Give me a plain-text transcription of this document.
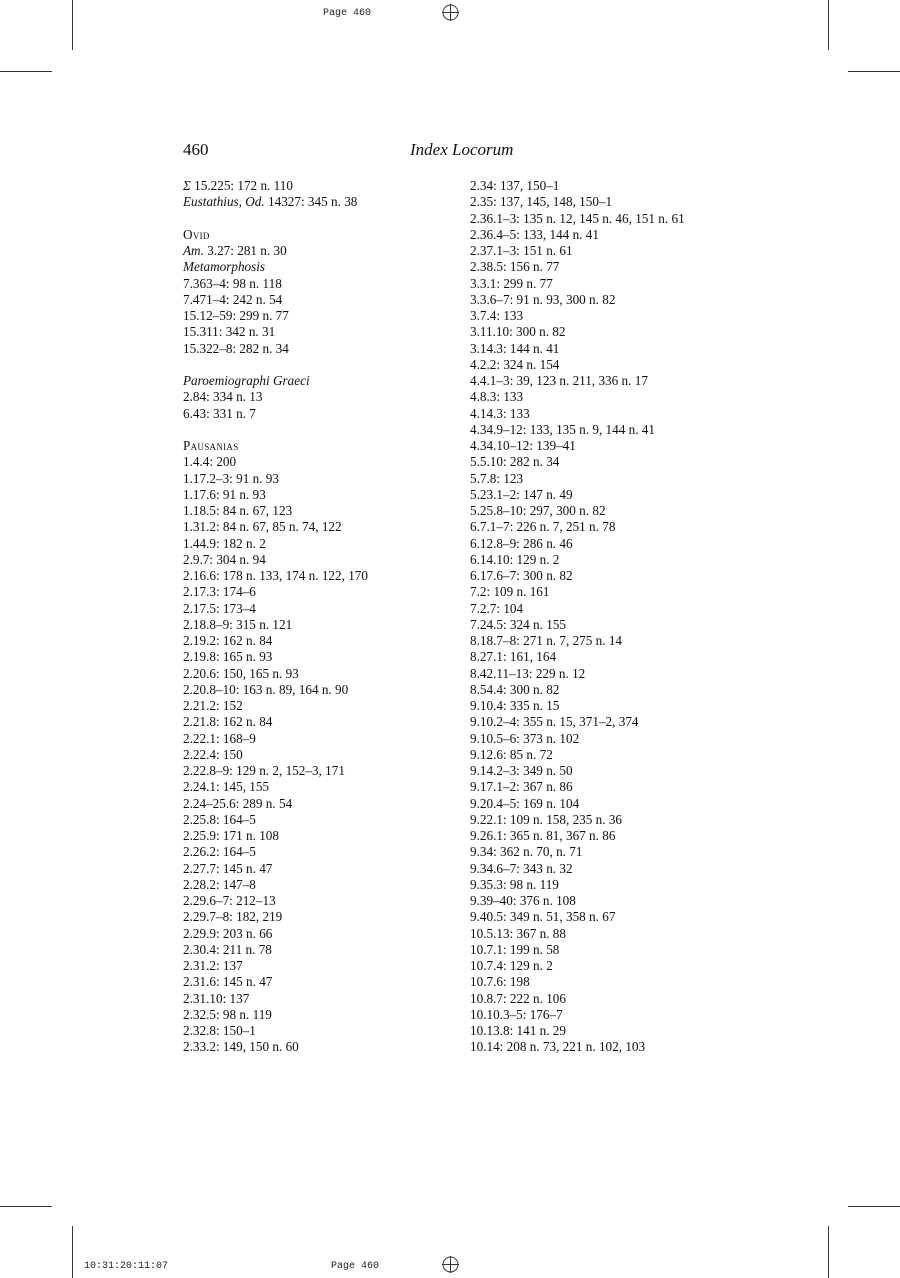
Page 460
10:31:20:11:07	Page 460
460	Index Locorum
Σ 15.225: 172 n. 110
Eustathius, Od. 14327: 345 n. 38
Ovid
Am. 3.27: 281 n. 30
Metamorphosis
7.363–4: 98 n. 118
7.471–4: 242 n. 54
15.12–59: 299 n. 77
15.311: 342 n. 31
15.322–8: 282 n. 34
Paroemiographi Graeci
2.84: 334 n. 13
6.43: 331 n. 7
Pausanias
1.4.4: 200
1.17.2–3: 91 n. 93
1.17.6: 91 n. 93
1.18.5: 84 n. 67, 123
1.31.2: 84 n. 67, 85 n. 74, 122
1.44.9: 182 n. 2
2.9.7: 304 n. 94
2.16.6: 178 n. 133, 174 n. 122, 170
2.17.3: 174–6
2.17.5: 173–4
2.18.8–9: 315 n. 121
2.19.2: 162 n. 84
2.19.8: 165 n. 93
2.20.6: 150, 165 n. 93
2.20.8–10: 163 n. 89, 164 n. 90
2.21.2: 152
2.21.8: 162 n. 84
2.22.1: 168–9
2.22.4: 150
2.22.8–9: 129 n. 2, 152–3, 171
2.24.1: 145, 155
2.24–25.6: 289 n. 54
2.25.8: 164–5
2.25.9: 171 n. 108
2.26.2: 164–5
2.27.7: 145 n. 47
2.28.2: 147–8
2.29.6–7: 212–13
2.29.7–8: 182, 219
2.29.9: 203 n. 66
2.30.4: 211 n. 78
2.31.2: 137
2.31.6: 145 n. 47
2.31.10: 137
2.32.5: 98 n. 119
2.32.8: 150–1
2.33.2: 149, 150 n. 60
2.34: 137, 150–1
2.35: 137, 145, 148, 150–1
2.36.1–3: 135 n. 12, 145 n. 46, 151 n. 61
2.36.4–5: 133, 144 n. 41
2.37.1–3: 151 n. 61
2.38.5: 156 n. 77
3.3.1: 299 n. 77
3.3.6–7: 91 n. 93, 300 n. 82
3.7.4: 133
3.11.10: 300 n. 82
3.14.3: 144 n. 41
4.2.2: 324 n. 154
4.4.1–3: 39, 123 n. 211, 336 n. 17
4.8.3: 133
4.14.3: 133
4.34.9–12: 133, 135 n. 9, 144 n. 41
4.34.10–12: 139–41
5.5.10: 282 n. 34
5.7.8: 123
5.23.1–2: 147 n. 49
5.25.8–10: 297, 300 n. 82
6.7.1–7: 226 n. 7, 251 n. 78
6.12.8–9: 286 n. 46
6.14.10: 129 n. 2
6.17.6–7: 300 n. 82
7.2: 109 n. 161
7.2.7: 104
7.24.5: 324 n. 155
8.18.7–8: 271 n. 7, 275 n. 14
8.27.1: 161, 164
8.42.11–13: 229 n. 12
8.54.4: 300 n. 82
9.10.4: 335 n. 15
9.10.2–4: 355 n. 15, 371–2, 374
9.10.5–6: 373 n. 102
9.12.6: 85 n. 72
9.14.2–3: 349 n. 50
9.17.1–2: 367 n. 86
9.20.4–5: 169 n. 104
9.22.1: 109 n. 158, 235 n. 36
9.26.1: 365 n. 81, 367 n. 86
9.34: 362 n. 70, n. 71
9.34.6–7: 343 n. 32
9.35.3: 98 n. 119
9.39–40: 376 n. 108
9.40.5: 349 n. 51, 358 n. 67
10.5.13: 367 n. 88
10.7.1: 199 n. 58
10.7.4: 129 n. 2
10.7.6: 198
10.8.7: 222 n. 106
10.10.3–5: 176–7
10.13.8: 141 n. 29
10.14: 208 n. 73, 221 n. 102, 103
